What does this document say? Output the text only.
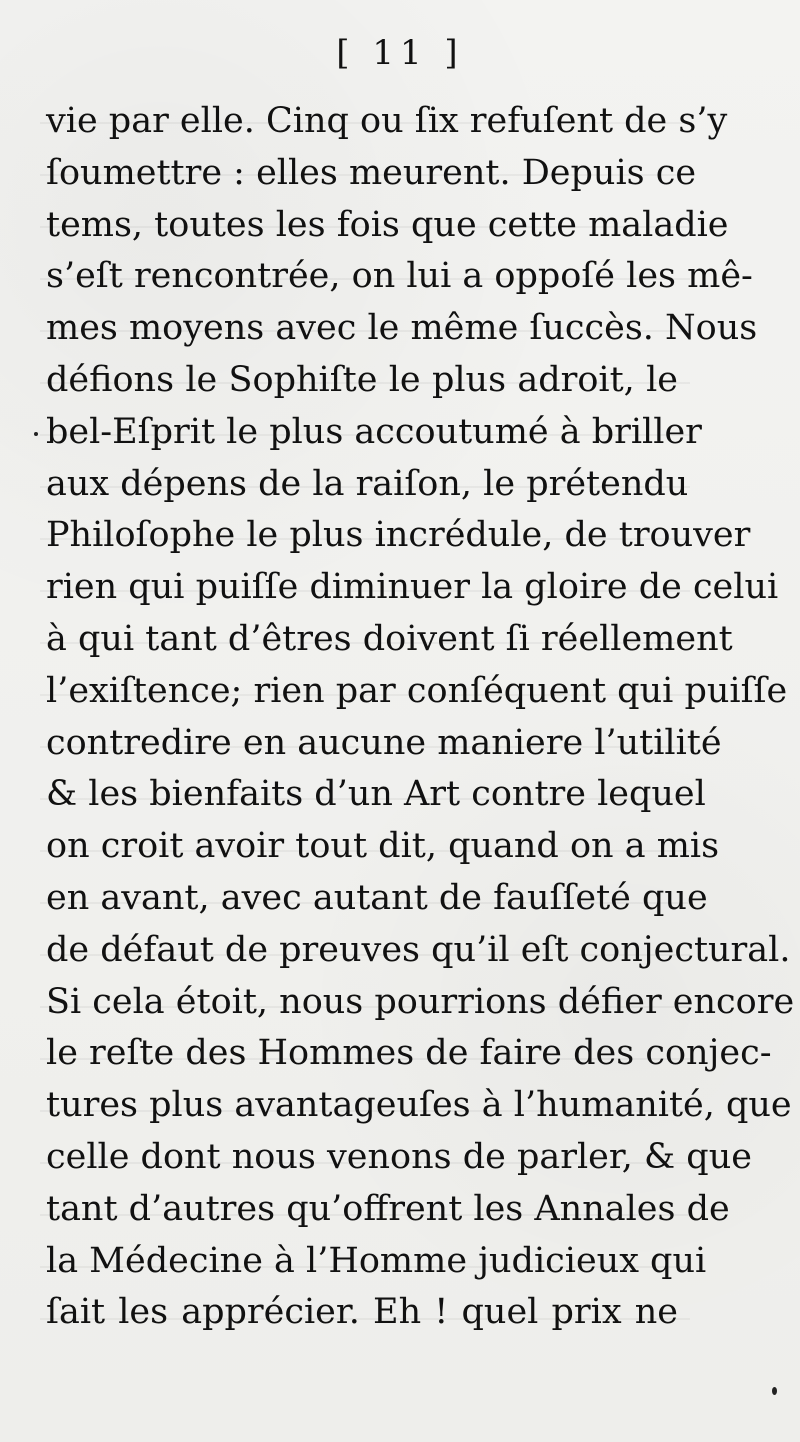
[ 11 ]
vie par elle. Cinq ou ſix refuſent de s’y
ſoumettre : elles meurent. Depuis ce
tems, toutes les fois que cette maladie
s’eſt rencontrée, on lui a oppoſé les mê-
mes moyens avec le même ſuccès. Nous
défions le Sophiſte le plus adroit, le
bel-Eſprit le plus accoutumé à briller
aux dépens de la raiſon, le prétendu
Philoſophe le plus incrédule, de trouver
rien qui puiſſe diminuer la gloire de celui
à qui tant d’êtres doivent ſi réellement
l’exiſtence; rien par conſéquent qui puiſſe
contredire en aucune maniere l’utilité
& les bienfaits d’un Art contre lequel
on croit avoir tout dit, quand on a mis
en avant, avec autant de fauſſeté que
de défaut de preuves qu’il eſt conjectural.
Si cela étoit, nous pourrions défier encore
le reſte des Hommes de faire des conjec-
tures plus avantageuſes à l’humanité, que
celle dont nous venons de parler, & que
tant d’autres qu’offrent les Annales de
la Médecine à l’Homme judicieux qui
ſait les apprécier. Eh ! quel prix ne
